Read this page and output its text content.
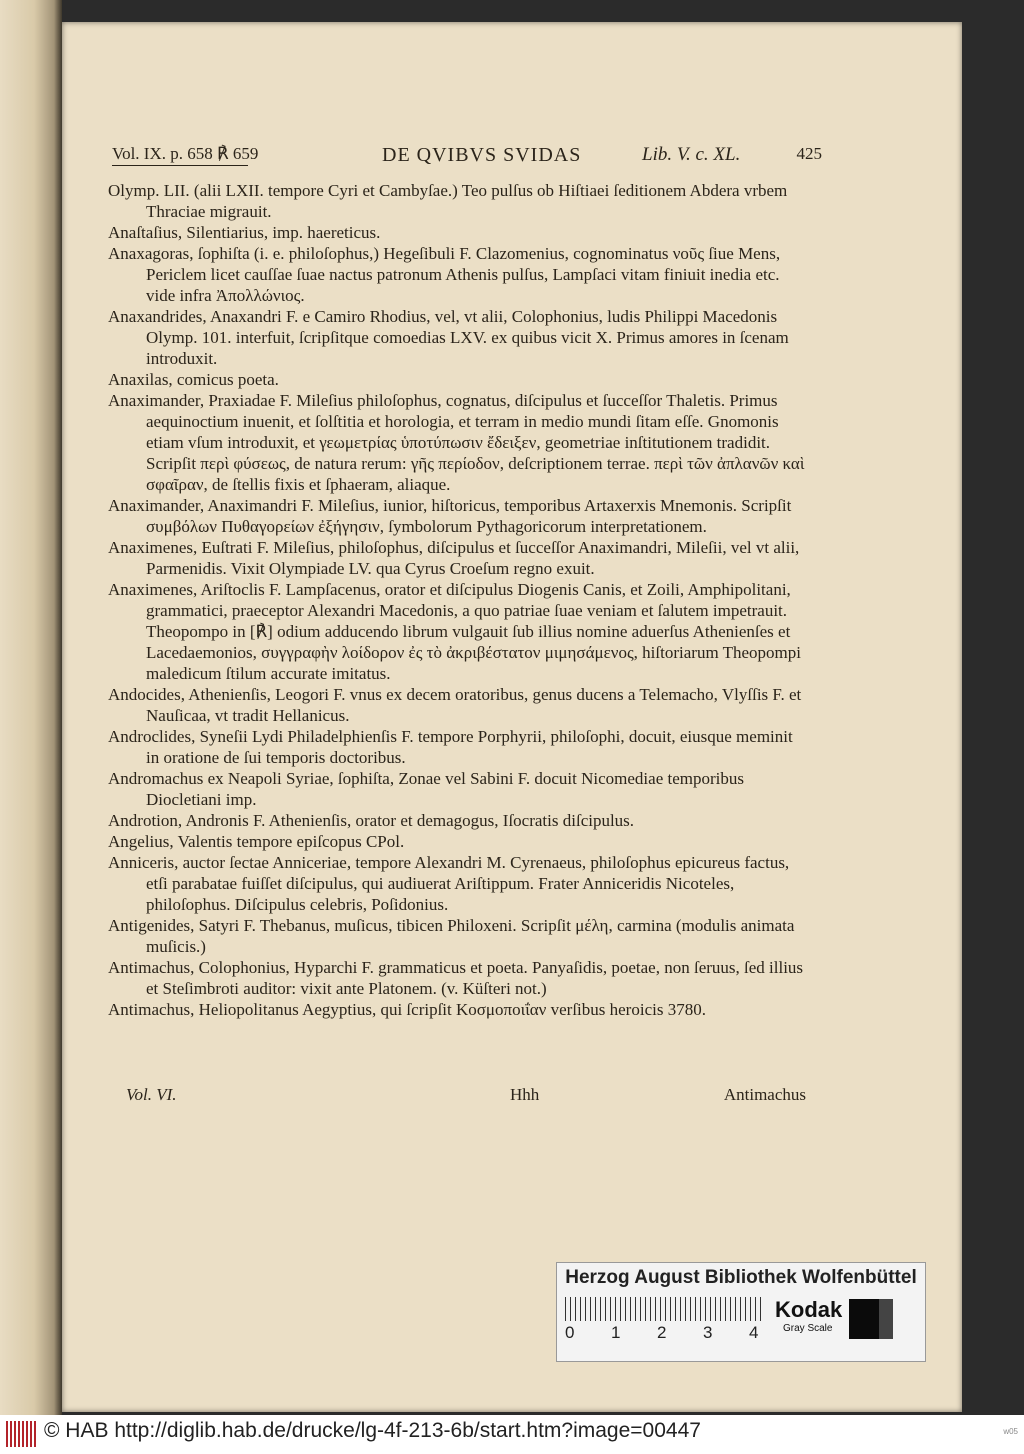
Vol. IX. p. 658 ℟ 659	DE QVIBVS SVIDAS	Lib. V. c. XL.	425

Olymp. LII. (alii LXII. tempore Cyri et Cambyſae.) Teo pulſus ob Hiſtiaei ſeditionem Abdera vrbem Thraciae migrauit.

Anaſtaſius, Silentiarius, imp. haereticus.

Anaxagoras, ſophiſta (i. e. philoſophus,) Hegeſibuli F. Clazomenius, cognominatus νοῦς ſiue Mens, Periclem licet cauſſae ſuae nactus patronum Athenis pulſus, Lampſaci vitam finiuit inedia etc. vide infra Ἀπολλώνιος.

Anaxandrides, Anaxandri F. e Camiro Rhodius, vel, vt alii, Colophonius, ludis Philippi Macedonis Olymp. 101. interfuit, ſcripſitque comoedias LXV. ex quibus vicit X. Primus amores in ſcenam introduxit.

Anaxilas, comicus poeta.

Anaximander, Praxiadae F. Mileſius philoſophus, cognatus, diſcipulus et ſucceſſor Thaletis. Primus aequinoctium inuenit, et ſolſtitia et horologia, et terram in medio mundi ſitam eſſe. Gnomonis etiam vſum introduxit, et γεωμετρίας ὑποτύπωσιν ἔδειξεν, geometriae inſtitutionem tradidit. Scripſit περὶ φύσεως, de natura rerum: γῆς περίοδον, deſcriptionem terrae. περὶ τῶν ἀπλανῶν καὶ σφαῖραν, de ſtellis fixis et ſphaeram, aliaque.

Anaximander, Anaximandri F. Mileſius, iunior, hiſtoricus, temporibus Artaxerxis Mnemonis. Scripſit συμβόλων Πυθαγορείων ἐξήγησιν, ſymbolorum Pythagoricorum interpretationem.

Anaximenes, Euſtrati F. Mileſius, philoſophus, diſcipulus et ſucceſſor Anaximandri, Mileſii, vel vt alii, Parmenidis. Vixit Olympiade LV. qua Cyrus Croeſum regno exuit.

Anaximenes, Ariſtoclis F. Lampſacenus, orator et diſcipulus Diogenis Canis, et Zoili, Amphipolitani, grammatici, praeceptor Alexandri Macedonis, a quo patriae ſuae veniam et ſalutem impetrauit. Theopompo in [℟] odium adducendo librum vulgauit ſub illius nomine aduerſus Athenienſes et Lacedaemonios, συγγραφὴν λοίδορον ἐς τὸ ἀκριβέστατον μιμησάμενος, hiſtoriarum Theopompi maledicum ſtilum accurate imitatus.

Andocides, Athenienſis, Leogori F. vnus ex decem oratoribus, genus ducens a Telemacho, Vlyſſis F. et Nauſicaa, vt tradit Hellanicus.

Androclides, Syneſii Lydi Philadelphienſis F. tempore Porphyrii, philoſophi, docuit, eiusque meminit in oratione de ſui temporis doctoribus.

Andromachus ex Neapoli Syriae, ſophiſta, Zonae vel Sabini F. docuit Nicomediae temporibus Diocletiani imp.

Androtion, Andronis F. Athenienſis, orator et demagogus, Iſocratis diſcipulus.

Angelius, Valentis tempore epiſcopus CPol.

Anniceris, auctor ſectae Anniceriae, tempore Alexandri M. Cyrenaeus, philoſophus epicureus factus, etſi parabatae fuiſſet diſcipulus, qui audiuerat Ariſtippum. Frater Anniceridis Nicoteles, philoſophus. Diſcipulus celebris, Poſidonius.

Antigenides, Satyri F. Thebanus, muſicus, tibicen Philoxeni. Scripſit μέλη, carmina (modulis animata muſicis.)

Antimachus, Colophonius, Hyparchi F. grammaticus et poeta. Panyaſidis, poetae, non ſeruus, ſed illius et Steſimbroti auditor: vixit ante Platonem. (v. Küſteri not.)

Antimachus, Heliopolitanus Aegyptius, qui ſcripſit Κοσμοποιΐαν verſibus heroicis 3780.

Vol. VI.	Hhh	Antimachus
Herzog August Bibliothek Wolfenbüttel
0 1 2 3 4
Kodak
Gray Scale
© HAB http://diglib.hab.de/drucke/lg-4f-213-6b/start.htm?image=00447	w05
